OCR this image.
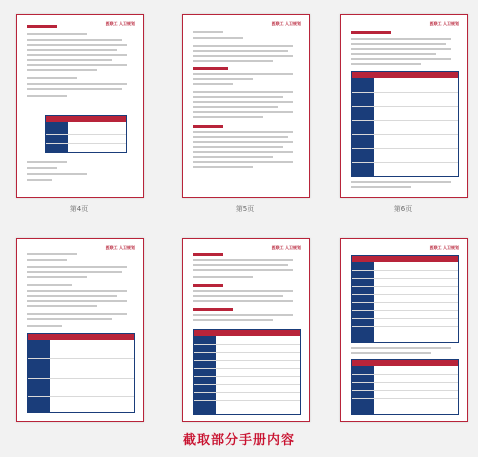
医联工 人卫规划
第4页
医联工 人卫规划
第5页
医联工 人卫规划
第6页
医联工 人卫规划	医联工 人卫规划	医联工 人卫规划
截取部分手册内容
